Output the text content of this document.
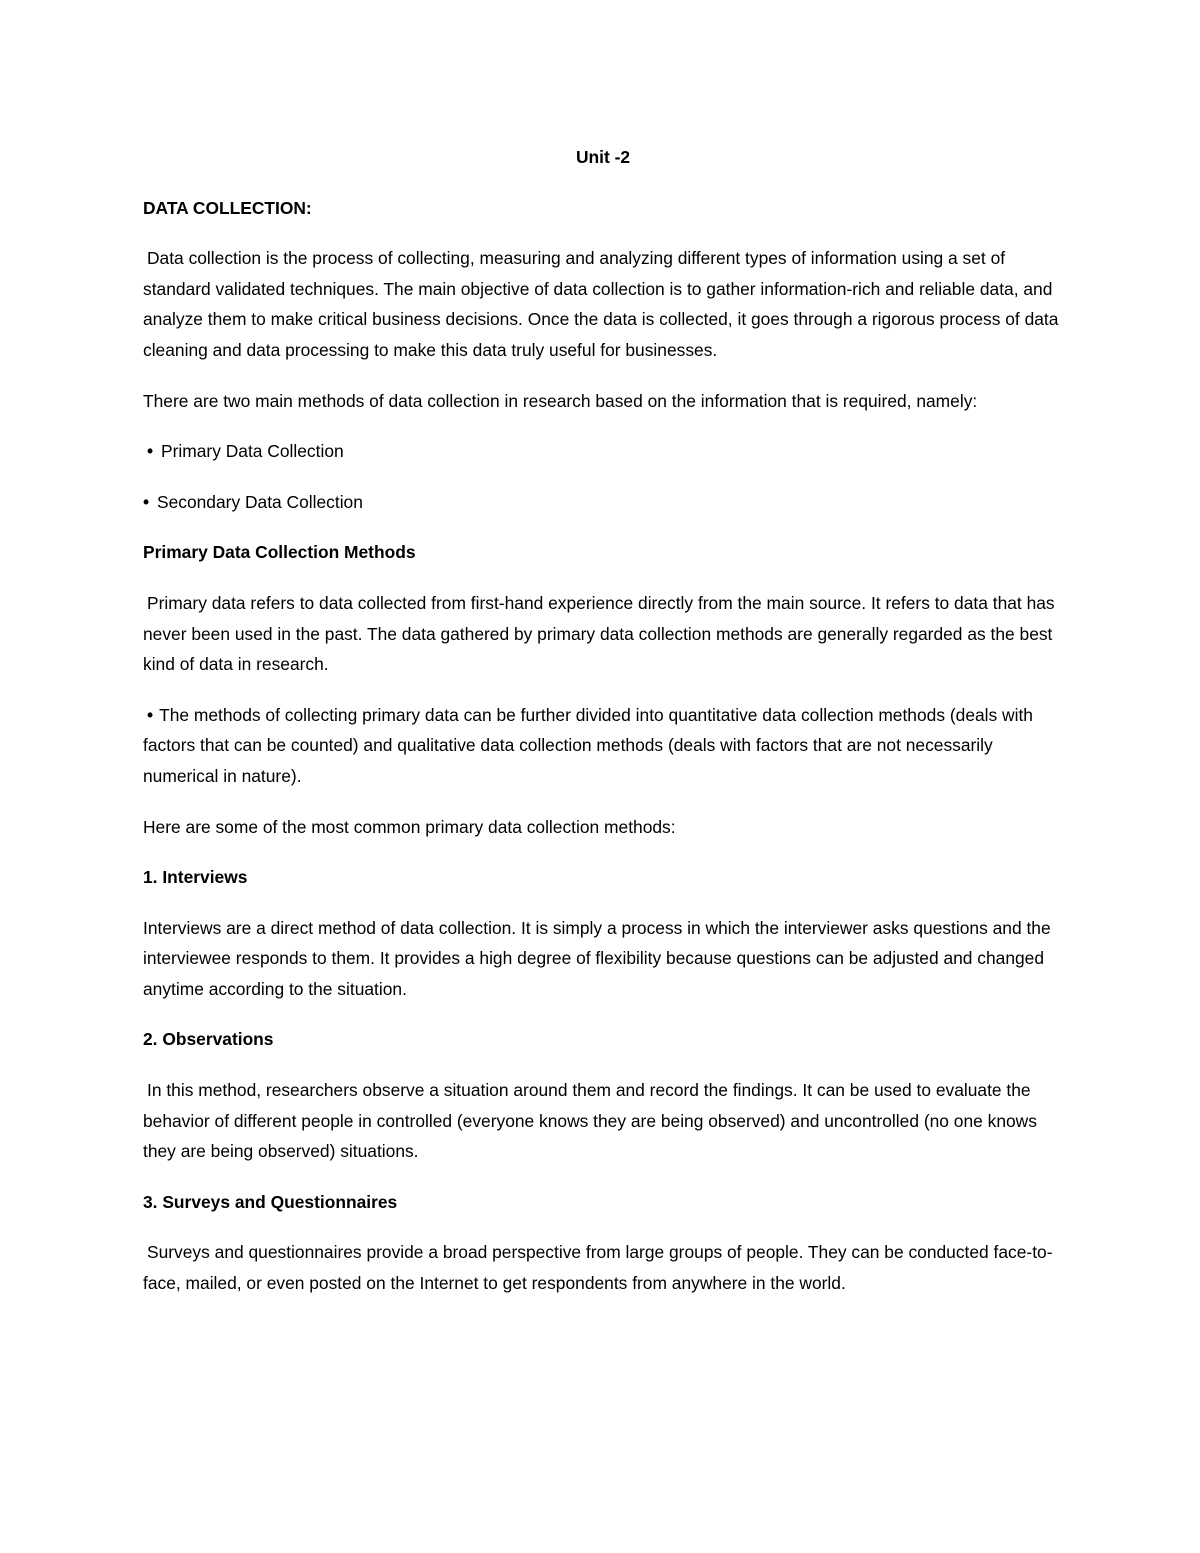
Unit -2
DATA COLLECTION:

Data collection is the process of collecting, measuring and analyzing different types of information using a set of standard validated techniques. The main objective of data collection is to gather information-rich and reliable data, and analyze them to make critical business decisions. Once the data is collected, it goes through a rigorous process of data cleaning and data processing to make this data truly useful for businesses.

There are two main methods of data collection in research based on the information that is required, namely:

• Primary Data Collection
• Secondary Data Collection
Primary Data Collection Methods

Primary data refers to data collected from first-hand experience directly from the main source. It refers to data that has never been used in the past. The data gathered by primary data collection methods are generally regarded as the best kind of data in research.

• The methods of collecting primary data can be further divided into quantitative data collection methods (deals with factors that can be counted) and qualitative data collection methods (deals with factors that are not necessarily numerical in nature).

Here are some of the most common primary data collection methods:

1. Interviews

Interviews are a direct method of data collection. It is simply a process in which the interviewer asks questions and the interviewee responds to them. It provides a high degree of flexibility because questions can be adjusted and changed anytime according to the situation.

2. Observations

In this method, researchers observe a situation around them and record the findings. It can be used to evaluate the behavior of different people in controlled (everyone knows they are being observed) and uncontrolled (no one knows they are being observed) situations.

3. Surveys and Questionnaires

Surveys and questionnaires provide a broad perspective from large groups of people. They can be conducted face-to-face, mailed, or even posted on the Internet to get respondents from anywhere in the world.
